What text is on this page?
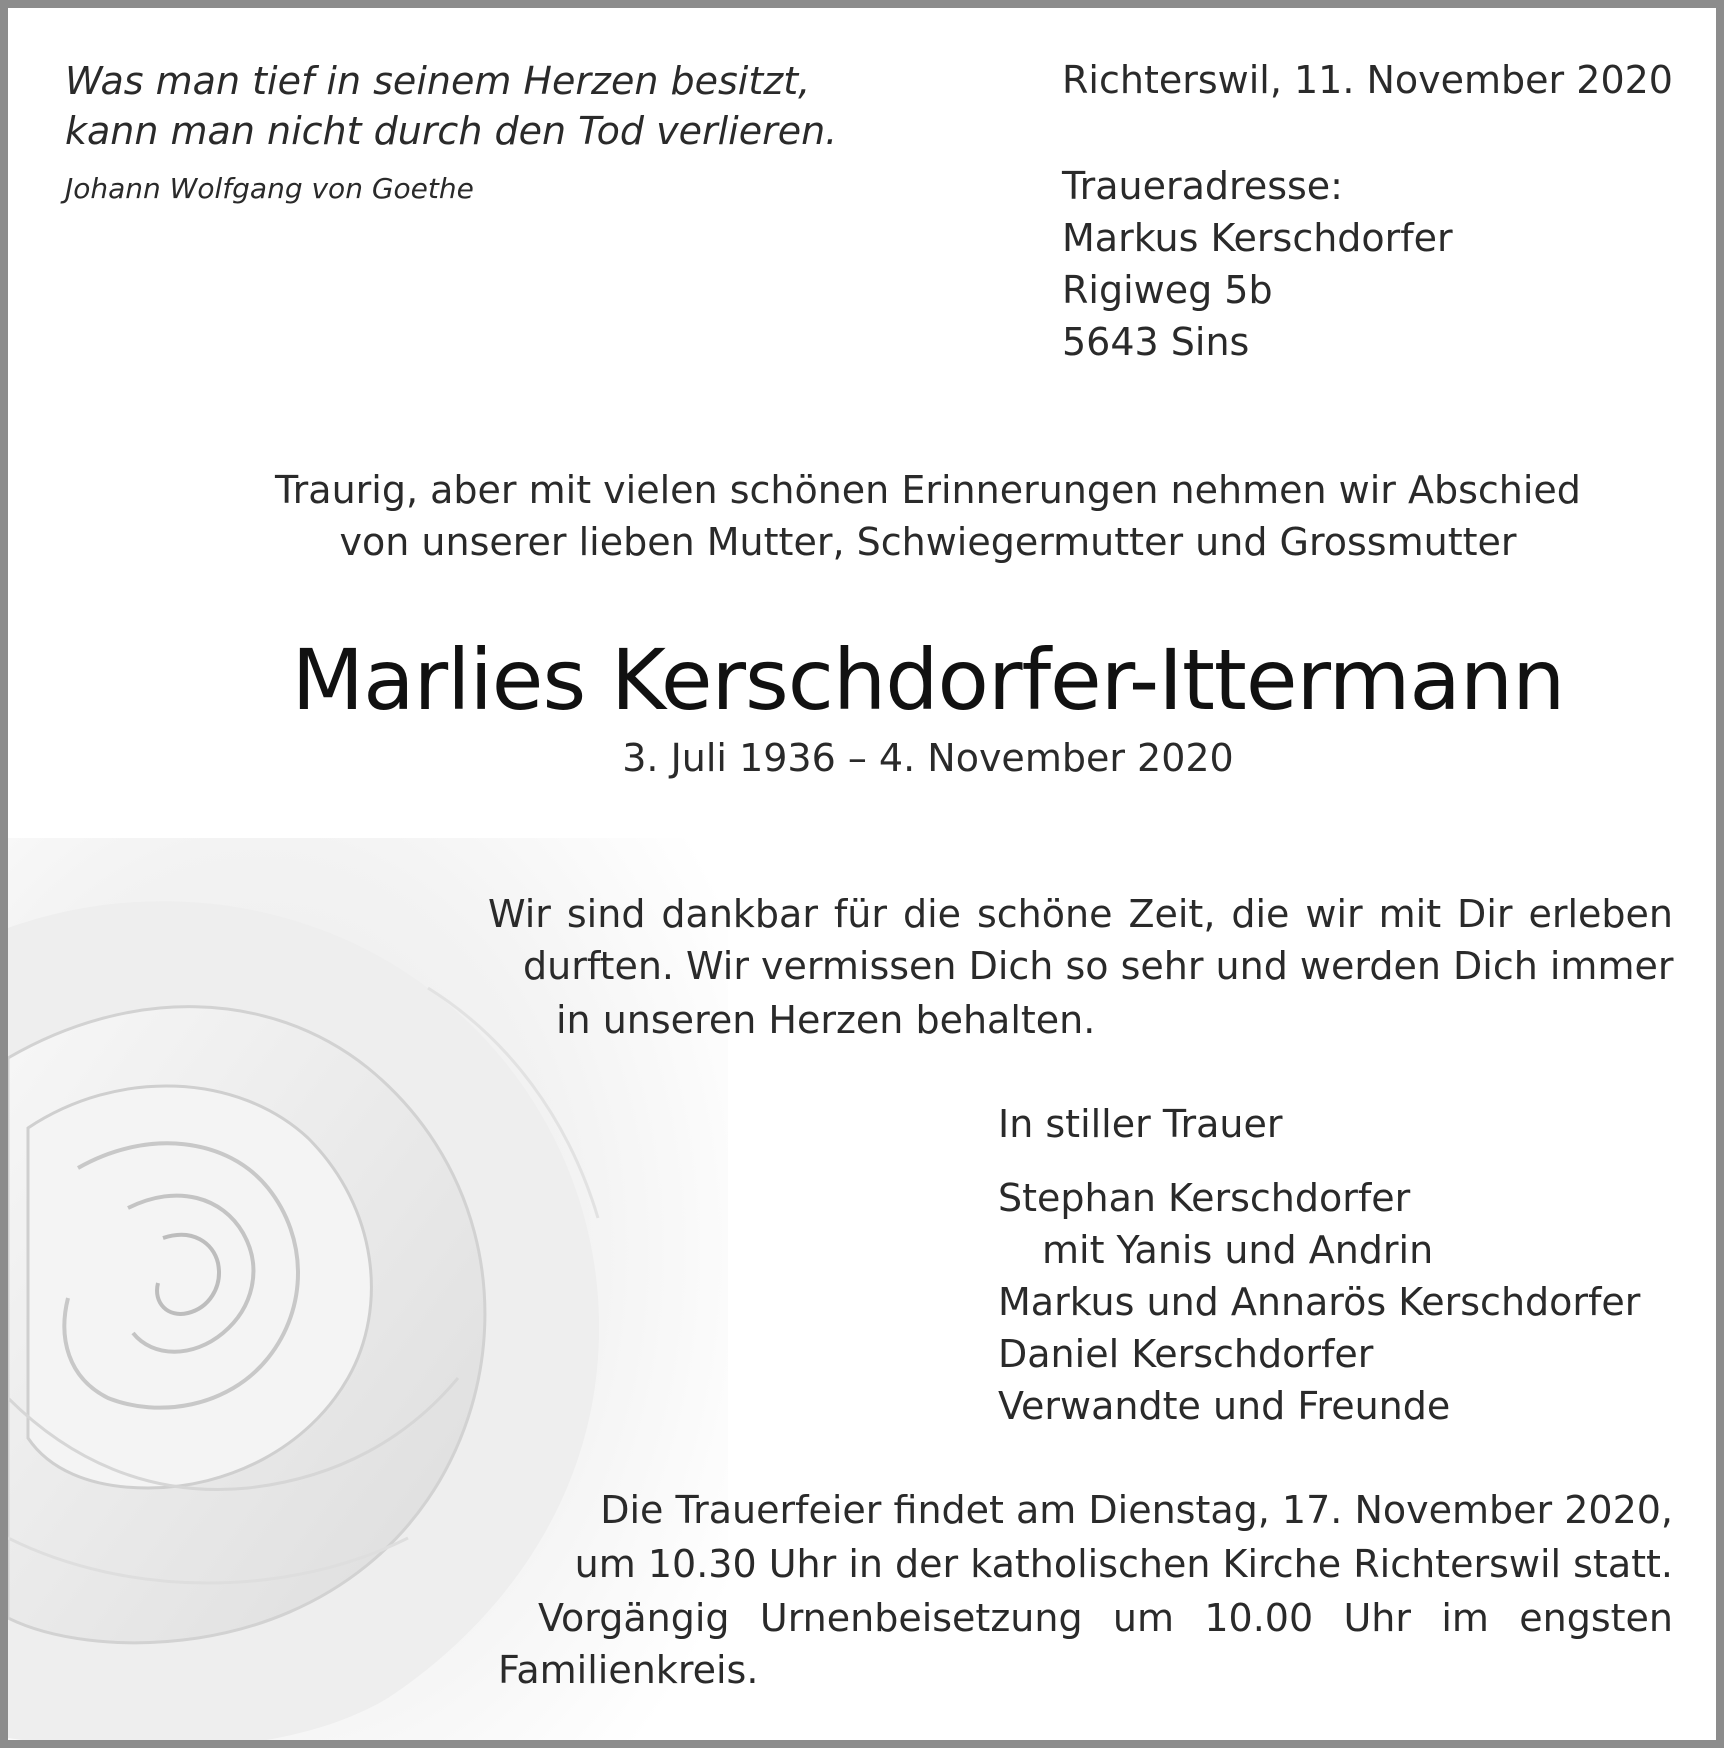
Was man tief in seinem Herzen besitzt,
kann man nicht durch den Tod verlieren.
Johann Wolfgang von Goethe
Richterswil, 11. November 2020
Traueradresse:
Markus Kerschdorfer
Rigiweg 5b
5643 Sins
Traurig, aber mit vielen schönen Erinnerungen nehmen wir Abschied
von unserer lieben Mutter, Schwiegermutter und Grossmutter
Marlies Kerschdorfer-Ittermann
3. Juli 1936 – 4. November 2020
Wir sind dankbar für die schöne Zeit, die wir mit Dir erleben
durften. Wir vermissen Dich so sehr und werden Dich immer
in unseren Herzen behalten.
In stiller Trauer
Stephan Kerschdorfer
mit Yanis und Andrin
Markus und Annarös Kerschdorfer
Daniel Kerschdorfer
Verwandte und Freunde
Die Trauerfeier findet am Dienstag, 17. November 2020,
um 10.30 Uhr in der katholischen Kirche Richterswil statt.
Vorgängig Urnenbeisetzung um 10.00 Uhr im engsten
Familienkreis.
